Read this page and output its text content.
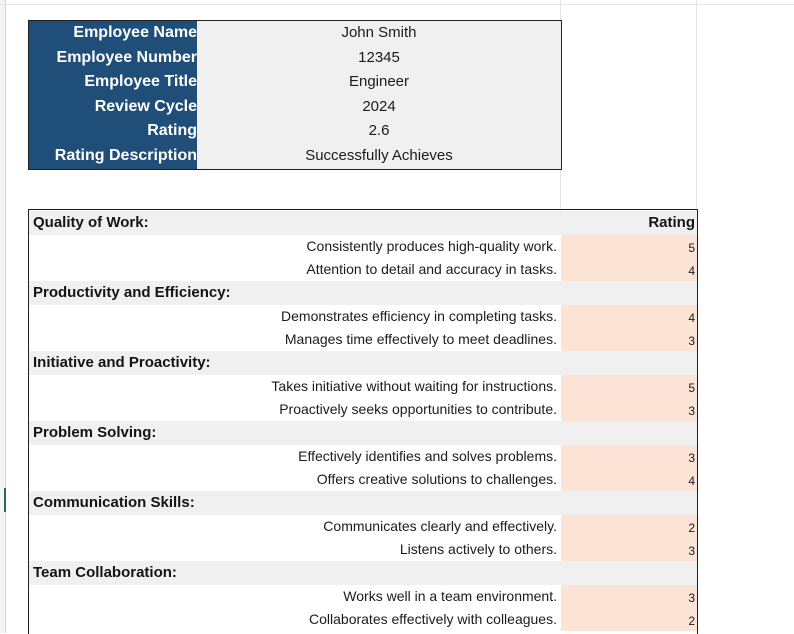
Employee Name	John Smith
Employee Number	12345
Employee Title	Engineer
Review Cycle	2024
Rating	2.6
Rating Description	Successfully Achieves
Quality of Work:	Rating
Consistently produces high-quality work.	5
Attention to detail and accuracy in tasks.	4
Productivity and Efficiency:
Demonstrates efficiency in completing tasks.	4
Manages time effectively to meet deadlines.	3
Initiative and Proactivity:
Takes initiative without waiting for instructions.	5
Proactively seeks opportunities to contribute.	3
Problem Solving:
Effectively identifies and solves problems.	3
Offers creative solutions to challenges.	4
Communication Skills:
Communicates clearly and effectively.	2
Listens actively to others.	3
Team Collaboration:
Works well in a team environment.	3
Collaborates effectively with colleagues.	2
